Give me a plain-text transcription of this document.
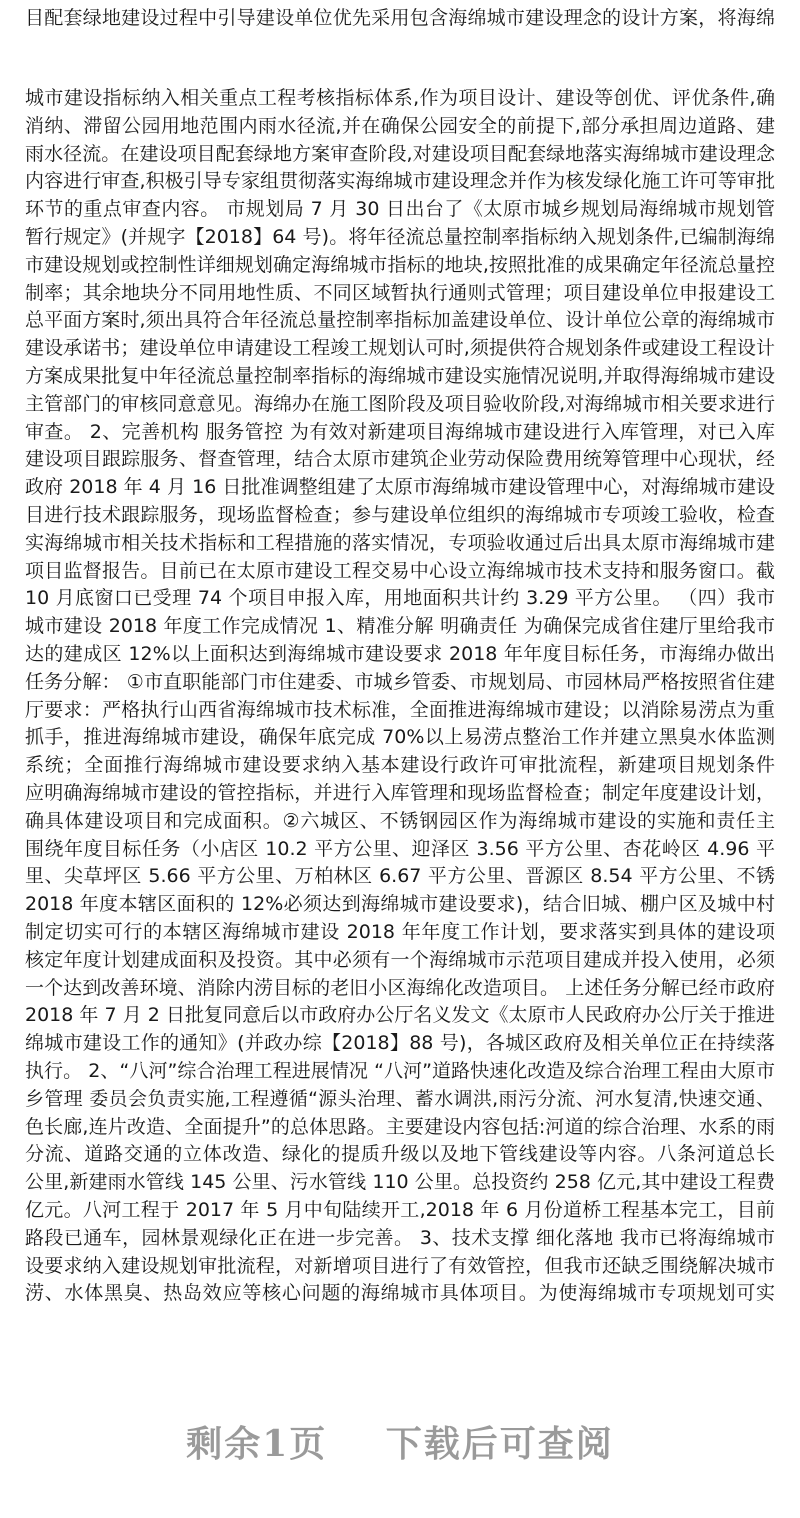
目配套绿地建设过程中引导建设单位优先采用包含海绵城市建设理念的设计方案，将海绵
城市建设指标纳入相关重点工程考核指标体系,作为项目设计、建设等创优、评优条件,确
消纳、滞留公园用地范围内雨水径流,并在确保公园安全的前提下,部分承担周边道路、建
雨水径流。在建设项目配套绿地方案审查阶段,对建设项目配套绿地落实海绵城市建设理念
内容进行审查,积极引导专家组贯彻落实海绵城市建设理念并作为核发绿化施工许可等审批
环节的重点审查内容。 市规划局 7 月 30 日出台了《太原市城乡规划局海绵城市规划管
暂行规定》(并规字【2018】64 号)。将年径流总量控制率指标纳入规划条件,已编制海绵
市建设规划或控制性详细规划确定海绵城市指标的地块,按照批准的成果确定年径流总量控
制率；其余地块分不同用地性质、不同区域暂执行通则式管理；项目建设单位申报建设工
总平面方案时,须出具符合年径流总量控制率指标加盖建设单位、设计单位公章的海绵城市
建设承诺书；建设单位申请建设工程竣工规划认可时,须提供符合规划条件或建设工程设计
方案成果批复中年径流总量控制率指标的海绵城市建设实施情况说明,并取得海绵城市建设
主管部门的审核同意意见。海绵办在施工图阶段及项目验收阶段,对海绵城市相关要求进行
审查。 2、完善机构 服务管控 为有效对新建项目海绵城市建设进行入库管理，对已入库
建设项目跟踪服务、督查管理，结合太原市建筑企业劳动保险费用统筹管理中心现状，经
政府 2018 年 4 月 16 日批准调整组建了太原市海绵城市建设管理中心，对海绵城市建设
目进行技术跟踪服务，现场监督检查；参与建设单位组织的海绵城市专项竣工验收，检查
实海绵城市相关技术指标和工程措施的落实情况，专项验收通过后出具太原市海绵城市建
项目监督报告。目前已在太原市建设工程交易中心设立海绵城市技术支持和服务窗口。截
10 月底窗口已受理 74 个项目申报入库，用地面积共计约 3.29 平方公里。 （四）我市
城市建设 2018 年度工作完成情况 1、精准分解 明确责任 为确保完成省住建厅里给我市
达的建成区 12%以上面积达到海绵城市建设要求 2018 年年度目标任务，市海绵办做出
任务分解： ①市直职能部门市住建委、市城乡管委、市规划局、市园林局严格按照省住建
厅要求：严格执行山西省海绵城市技术标准，全面推进海绵城市建设；以消除易涝点为重
抓手，推进海绵城市建设，确保年底完成 70%以上易涝点整治工作并建立黑臭水体监测
系统；全面推行海绵城市建设要求纳入基本建设行政许可审批流程，新建项目规划条件
应明确海绵城市建设的管控指标，并进行入库管理和现场监督检查；制定年度建设计划，
确具体建设项目和完成面积。②六城区、不锈钢园区作为海绵城市建设的实施和责任主
围绕年度目标任务（小店区 10.2 平方公里、迎泽区 3.56 平方公里、杏花岭区 4.96 平
里、尖草坪区 5.66 平方公里、万柏林区 6.67 平方公里、晋源区 8.54 平方公里、不锈
2018 年度本辖区面积的 12%必须达到海绵城市建设要求)，结合旧城、棚户区及城中村
制定切实可行的本辖区海绵城市建设 2018 年年度工作计划，要求落实到具体的建设项
核定年度计划建成面积及投资。其中必须有一个海绵城市示范项目建成并投入使用，必须
一个达到改善环境、消除内涝目标的老旧小区海绵化改造项目。 上述任务分解已经市政府
2018 年 7 月 2 日批复同意后以市政府办公厅名义发文《太原市人民政府办公厅关于推进
绵城市建设工作的通知》(并政办综【2018】88 号)，各城区政府及相关单位正在持续落
执行。 2、“八河”综合治理工程进展情况 “八河”道路快速化改造及综合治理工程由大原市
乡管理 委员会负责实施,工程遵循“源头治理、蓄水调洪,雨污分流、河水复清,快速交通、
色长廊,连片改造、全面提升”的总体思路。主要建设内容包括:河道的综合治理、水系的雨
分流、道路交通的立体改造、绿化的提质升级以及地下管线建设等内容。八条河道总长
公里,新建雨水管线 145 公里、污水管线 110 公里。总投资约 258 亿元,其中建设工程费
亿元。八河工程于 2017 年 5 月中旬陆续开工,2018 年 6 月份道桥工程基本完工，目前
路段已通车，园林景观绿化正在进一步完善。 3、技术支撑 细化落地 我市已将海绵城市
设要求纳入建设规划审批流程，对新增项目进行了有效管控，但我市还缺乏围绕解决城市
涝、水体黑臭、热岛效应等核心问题的海绵城市具体项目。为使海绵城市专项规划可实
剩余1页 下载后可查阅
